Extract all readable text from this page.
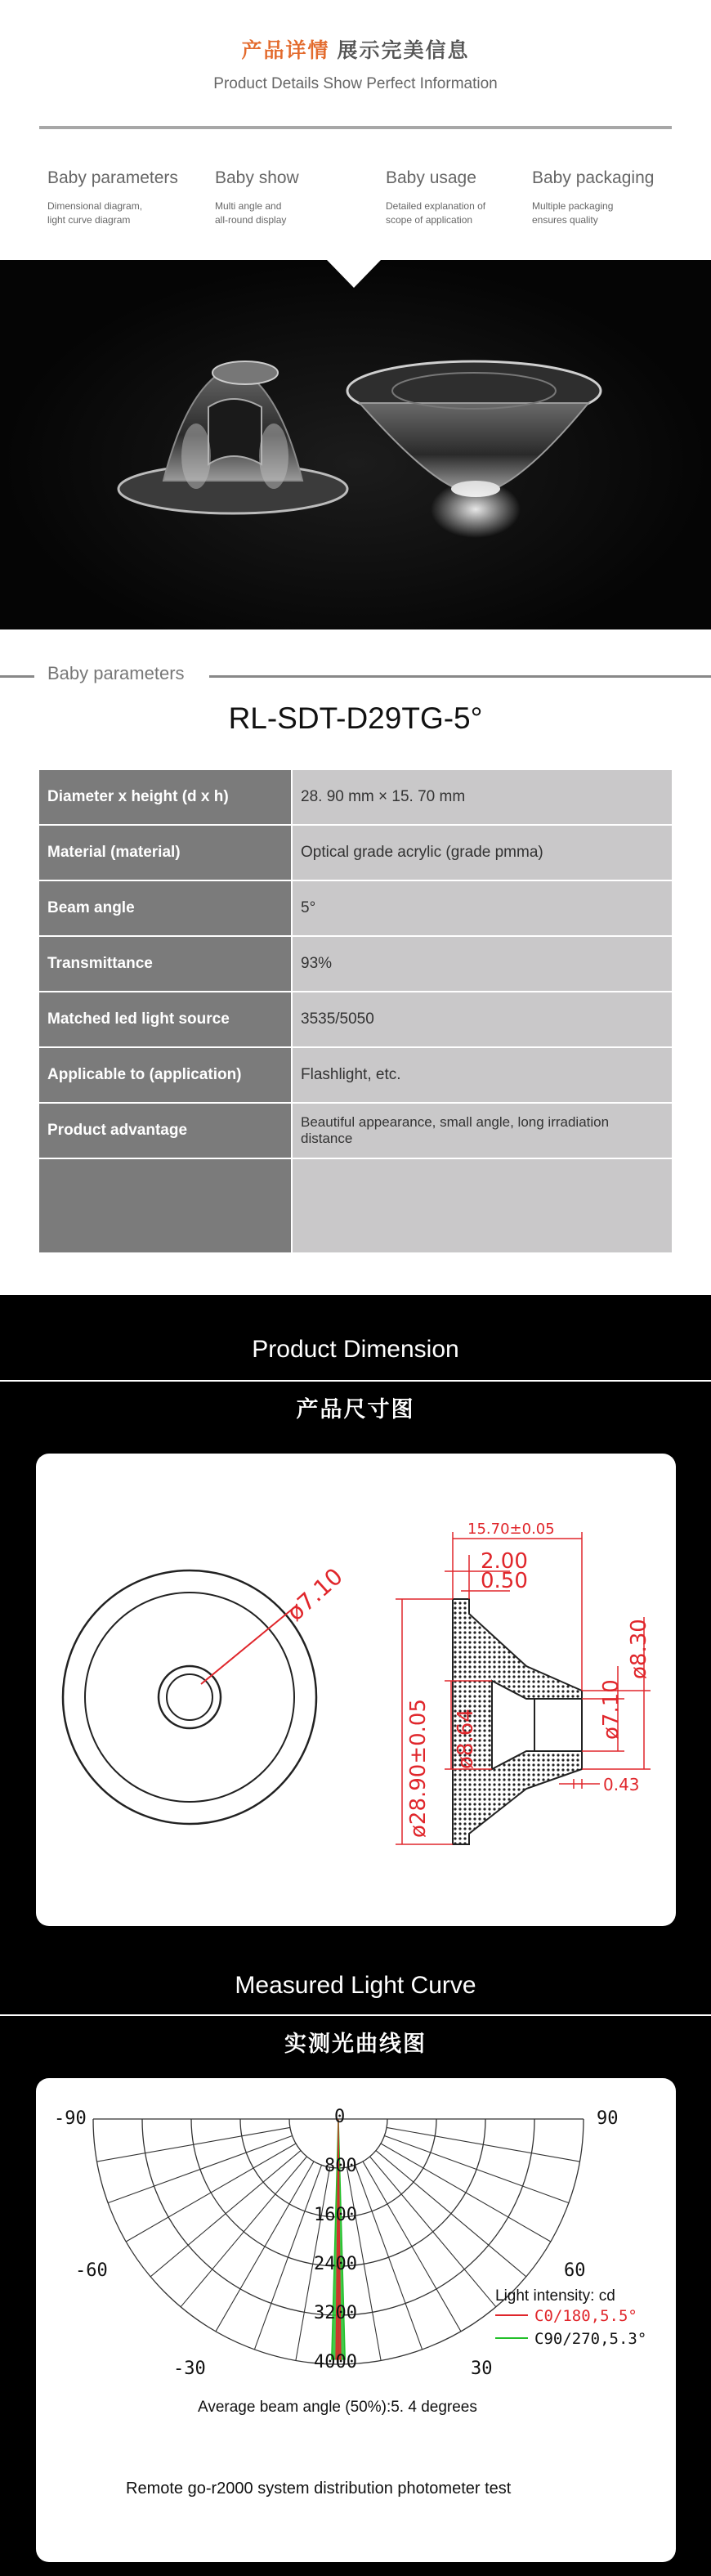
产品详情 展示完美信息
Product Details Show Perfect Information
Baby parameters
Dimensional diagram, light curve diagram
Baby show
Multi angle and all-round display
Baby usage
Detailed explanation of scope of application
Baby packaging
Multiple packaging ensures quality
Baby parameters
RL-SDT-D29TG-5°
Diameter x height (d x h)	28. 90 mm × 15. 70 mm
Material (material)	Optical grade acrylic (grade pmma)
Beam angle	5°
Transmittance	93%
Matched led light source	3535/5050
Applicable to (application)	Flashlight, etc.
Product advantage	Beautiful appearance, small angle, long irradiation distance

Product Dimension
产品尺寸图
ø7.10
15.70±0.05
2.00
0.50
ø28.90±0.05 ø8.64	ø7.10
ø8.30
0.43
Measured Light Curve
实测光曲线图
-90	90
0
-60	60
-30	30
800
1600
2400
3200
4000
Light intensity: cd
C0/180,5.5°
C90/270,5.3°
Average beam angle (50%):5. 4 degrees
Remote go-r2000 system distribution photometer test
